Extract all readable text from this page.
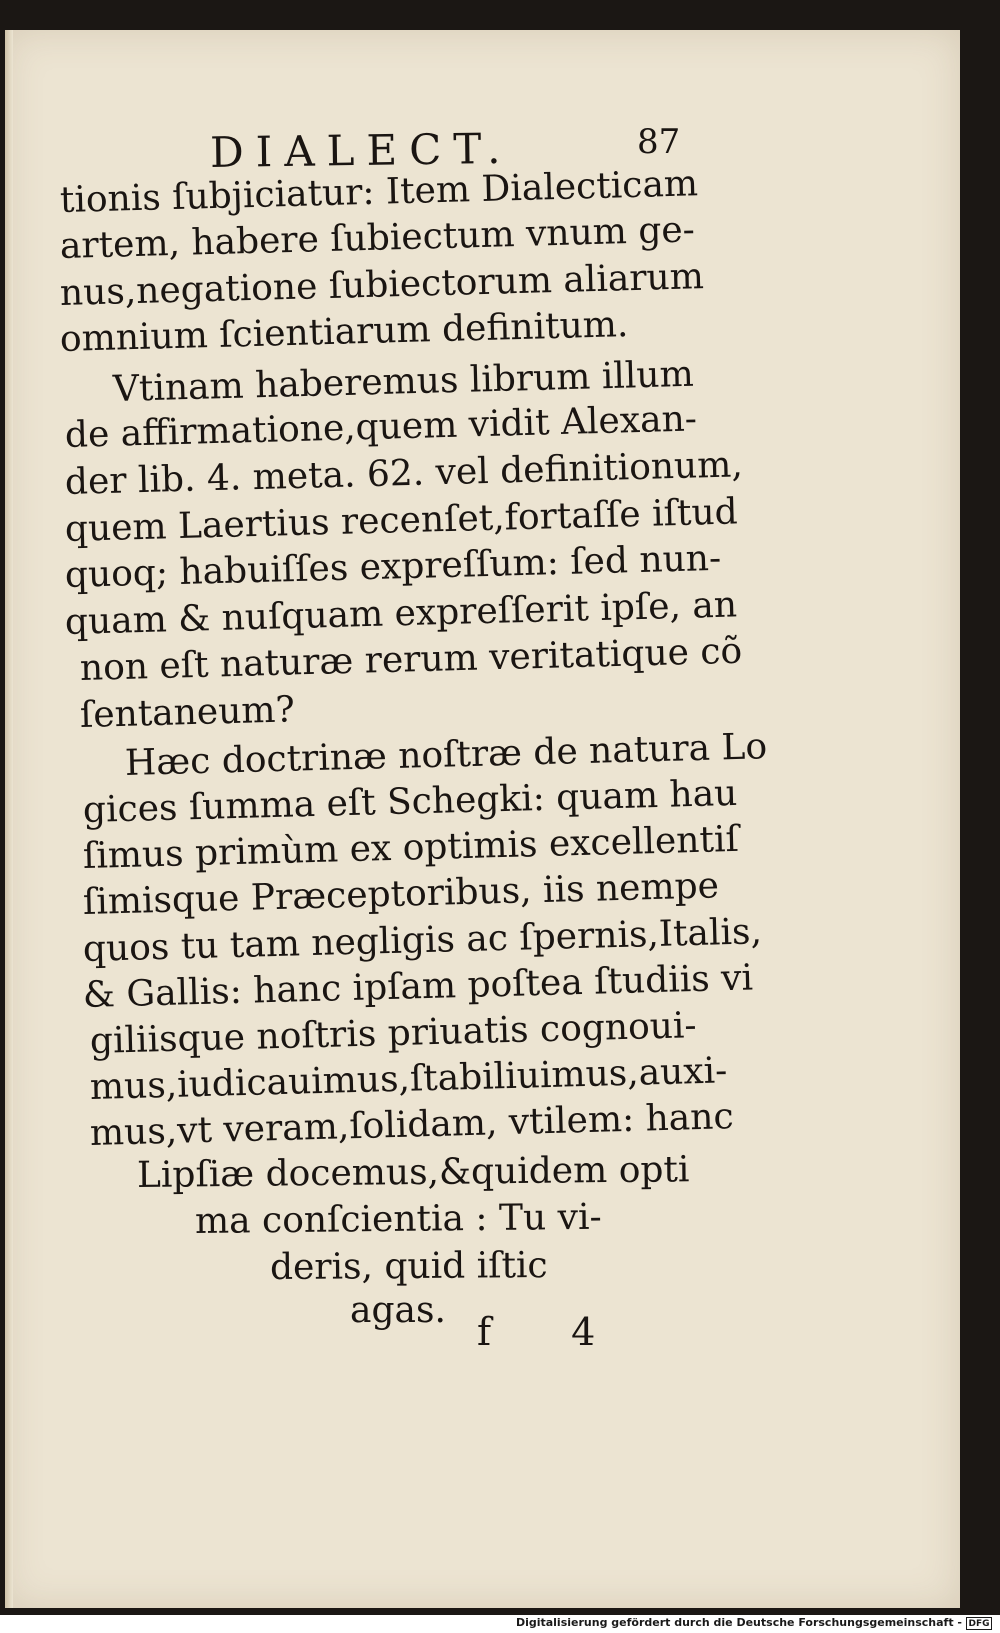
DIALECT.	87
tionis ſubjiciatur: Item Dialecticam
artem, habere ſubiectum vnum ge-
nus,negatione ſubiectorum aliarum
omnium ſcientiarum definitum.
Vtinam haberemus librum illum
de affirmatione,quem vidit Alexan-
der lib. 4. meta. 62. vel definitionum,
quem Laertius recenſet,fortaſſe iſtud
quoq; habuiſſes expreſſum: ſed nun-
quam & nuſquam expreſſerit ipſe, an
non eſt naturæ rerum veritatique cõ
ſentaneum?
Hæc doctrinæ noſtræ de natura Lo
gices ſumma eſt Schegki: quam hau
ſimus primùm ex optimis excellentiſ
ſimisque Præceptoribus, iis nempe
quos tu tam negligis ac ſpernis,Italis,
& Gallis: hanc ipſam poſtea ſtudiis vi
giliisque noſtris priuatis cognoui-
mus,iudicauimus,ſtabiliuimus,auxi-
mus,vt veram,ſolidam, vtilem: hanc
Lipſiæ docemus,&quidem opti
ma conſcientia : Tu vi-
deris, quid iſtic
agas. f 4
Digitalisierung gefördert durch die Deutsche Forschungsgemeinschaft - DFG
